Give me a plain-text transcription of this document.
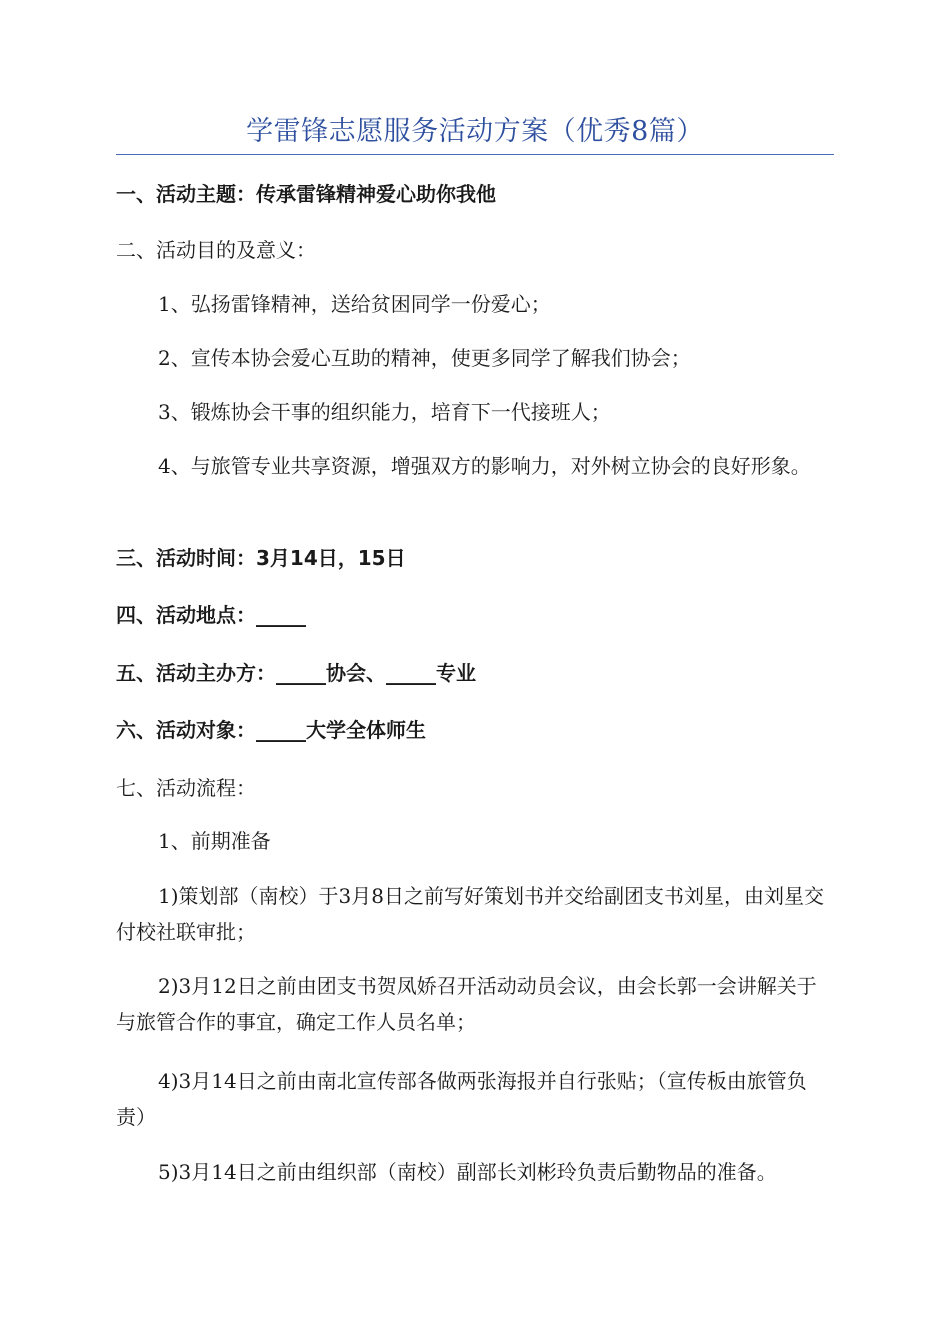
学雷锋志愿服务活动方案（优秀8篇）

一、活动主题：传承雷锋精神爱心助你我他

二、活动目的及意义：

1、弘扬雷锋精神，送给贫困同学一份爱心；

2、宣传本协会爱心互助的精神，使更多同学了解我们协会；

3、锻炼协会干事的组织能力，培育下一代接班人；

4、与旅管专业共享资源，增强双方的影响力，对外树立协会的良好形象。

三、活动时间：3月14日，15日

四、活动地点：_____

五、活动主办方：_____协会、_____专业

六、活动对象：_____大学全体师生

七、活动流程：

1、前期准备

1)策划部（南校）于3月8日之前写好策划书并交给副团支书刘星，由刘星交付校社联审批；

2)3月12日之前由团支书贺凤娇召开活动动员会议，由会长郭一会讲解关于与旅管合作的事宜，确定工作人员名单；

4)3月14日之前由南北宣传部各做两张海报并自行张贴；（宣传板由旅管负责）

5)3月14日之前由组织部（南校）副部长刘彬玲负责后勤物品的准备。
